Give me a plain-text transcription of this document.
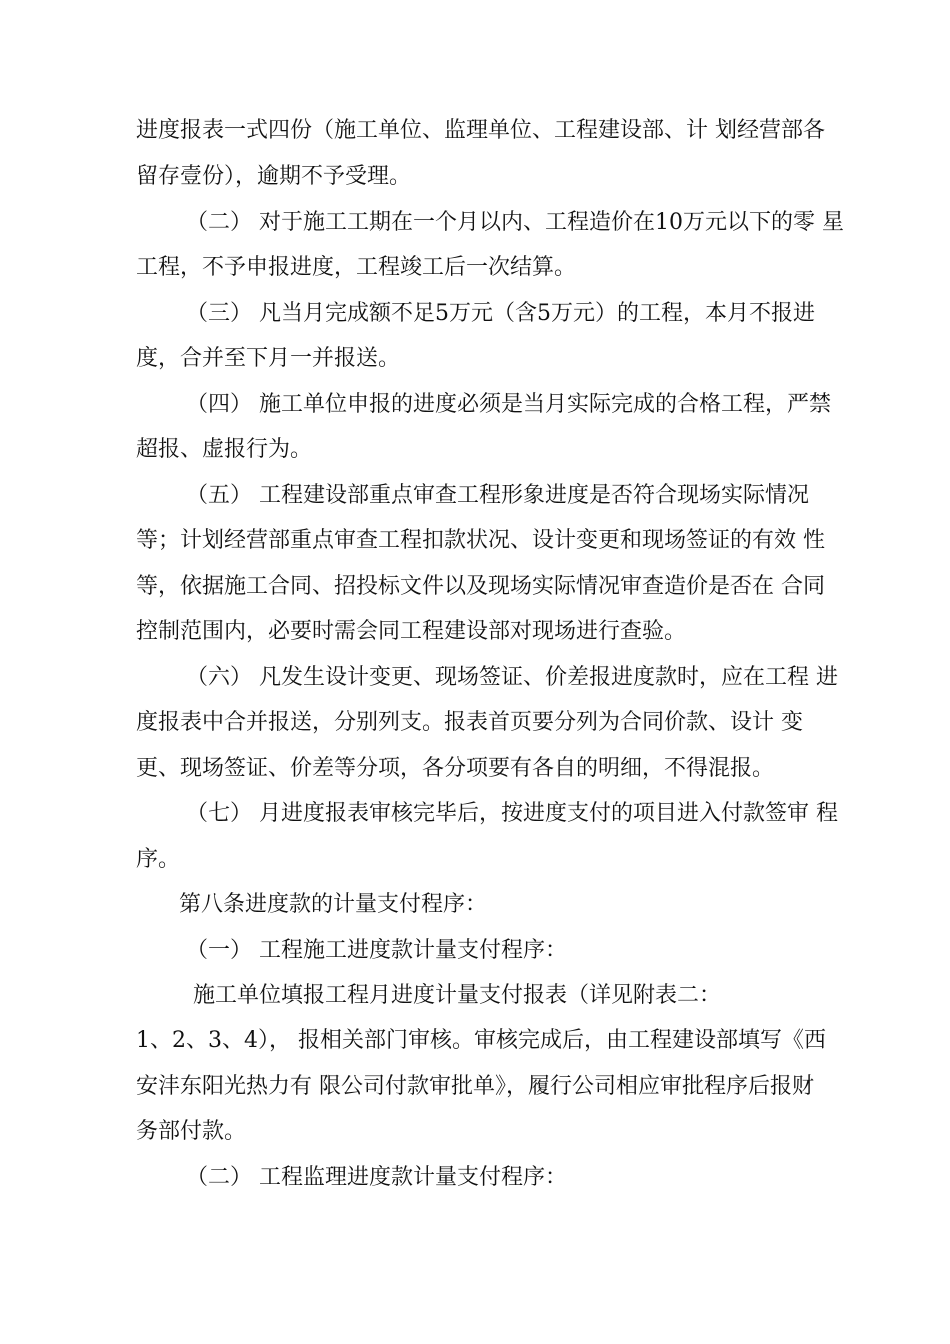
进度报表一式四份（施工单位、监理单位、工程建设部、计 划经营部各
留存壹份），逾期不予受理。
（二） 对于施工工期在一个月以内、工程造价在10万元以下的零 星
工程，不予申报进度，工程竣工后一次结算。
（三） 凡当月完成额不足5万元（含5万元）的工程，本月不报进
度，合并至下月一并报送。
（四） 施工单位申报的进度必须是当月实际完成的合格工程，严禁
超报、虚报行为。
（五） 工程建设部重点审查工程形象进度是否符合现场实际情况
等；计划经营部重点审查工程扣款状况、设计变更和现场签证的有效 性
等，依据施工合同、招投标文件以及现场实际情况审查造价是否在 合同
控制范围内，必要时需会同工程建设部对现场进行查验。
（六） 凡发生设计变更、现场签证、价差报进度款时，应在工程 进
度报表中合并报送，分别列支。报表首页要分列为合同价款、设计 变
更、现场签证、价差等分项，各分项要有各自的明细，不得混报。
（七） 月进度报表审核完毕后，按进度支付的项目进入付款签审 程
序。
第八条进度款的计量支付程序：
（一） 工程施工进度款计量支付程序：
施工单位填报工程月进度计量支付报表（详见附表二：
1、2、3、4）， 报相关部门审核。审核完成后，由工程建设部填写《西
安沣东阳光热力有 限公司付款审批单》，履行公司相应审批程序后报财
务部付款。
（二） 工程监理进度款计量支付程序：
